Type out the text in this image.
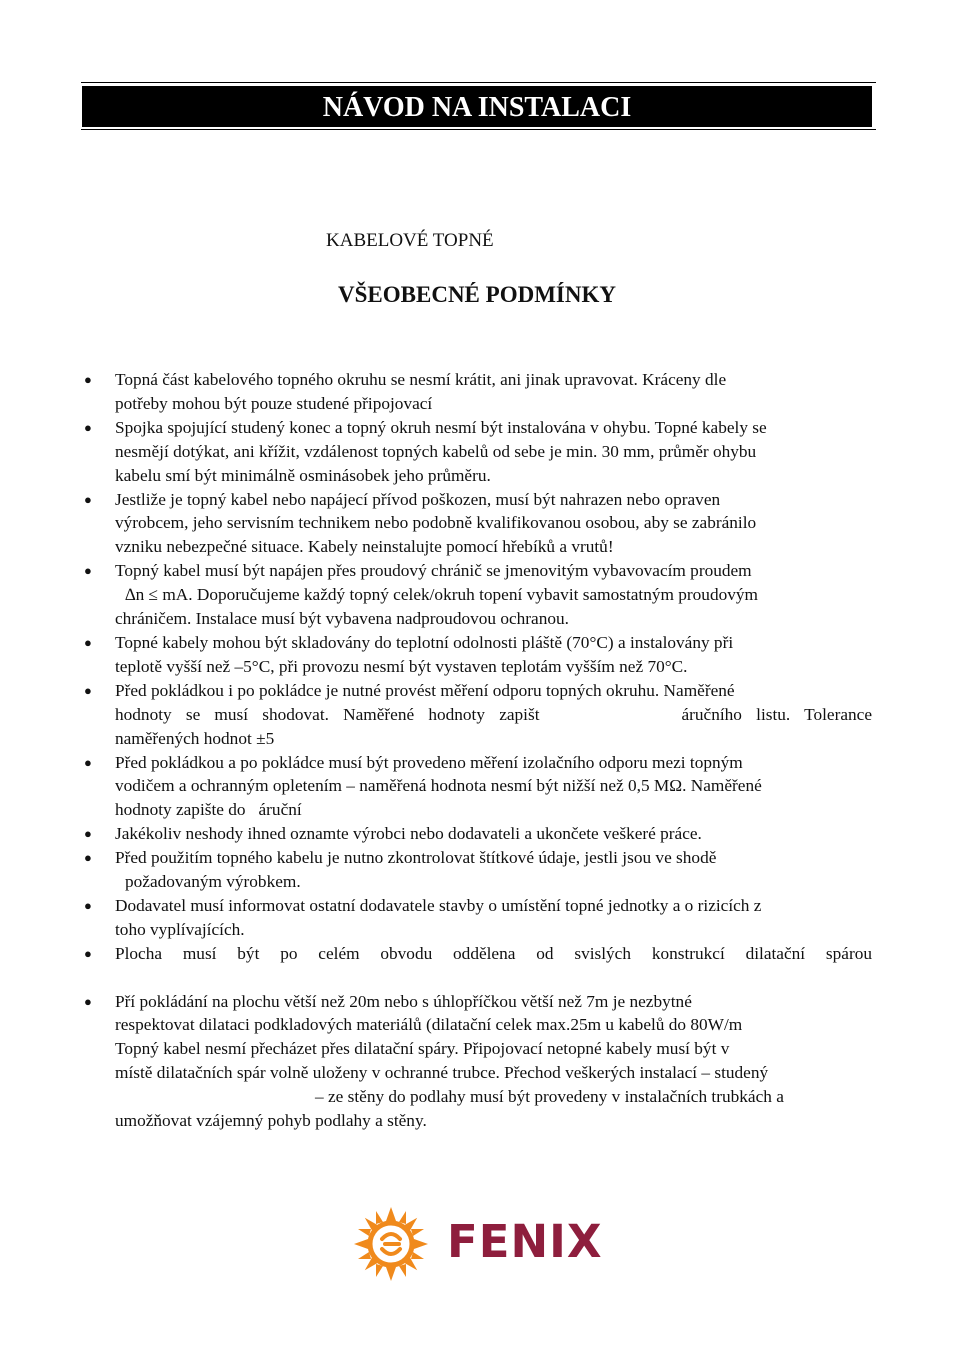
NÁVOD NA INSTALACI
KABELOVÉ TOPNÉ
VŠEOBECNÉ PODMÍNKY
● Topná část kabelového topného okruhu se nesmí krátit, ani jinak upravovat. Kráceny dle
potřeby mohou být pouze studené připojovací
● Spojka spojující studený konec a topný okruh nesmí být instalována v ohybu. Topné kabely se
nesmějí dotýkat, ani křížit, vzdálenost topných kabelů od sebe je min. 30 mm, průměr ohybu
kabelu smí být minimálně osminásobek jeho průměru.
● Jestliže je topný kabel nebo napájecí přívod poškozen, musí být nahrazen nebo opraven
výrobcem, jeho servisním technikem nebo podobně kvalifikovanou osobou, aby se zabránilo
vzniku nebezpečné situace. Kabely neinstalujte pomocí hřebíků a vrutů!
● Topný kabel musí být napájen přes proudový chránič se jmenovitým vybavovacím proudem
∆n ≤ mA. Doporučujeme každý topný celek/okruh topení vybavit samostatným proudovým
chráničem. Instalace musí být vybavena nadproudovou ochranou.
● Topné kabely mohou být skladovány do teplotní odolnosti pláště (70°C) a instalovány při
teplotě vyšší než –5°C, při provozu nesmí být vystaven teplotám vyšším než 70°C.
● Před pokládkou i po pokládce je nutné provést měření odporu topných okruhu. Naměřené
hodnoty se musí shodovat. Naměřené hodnoty zapišt          áručního listu. Tolerance
naměřených hodnot ±5
● Před pokládkou a po pokládce musí být provedeno měření izolačního odporu mezi topným
vodičem a ochranným opletením – naměřená hodnota nesmí být nižší než 0,5 MΩ. Naměřené
hodnoty zapište do   áruční
● Jakékoliv neshody ihned oznamte výrobci nebo dodavateli a ukončete veškeré práce.
● Před použitím topného kabelu je nutno zkontrolovat štítkové údaje, jestli jsou ve shodě
požadovaným výrobkem.
● Dodavatel musí informovat ostatní dodavatele stavby o umístění topné jednotky a o rizicích z
toho vyplívajících.
● Plocha musí být po celém obvodu oddělena od svislých konstrukcí dilatační spárou
● Pří pokládání na plochu větší než 20m nebo s úhlopříčkou větší než 7m je nezbytné
respektovat dilataci podkladových materiálů (dilatační celek max.25m u kabelů do 80W/m
Topný kabel nesmí přecházet přes dilatační spáry. Připojovací netopné kabely musí být v
místě dilatačních spár volně uloženy v ochranné trubce. Přechod veškerých instalací – studený
– ze stěny do podlahy musí být provedeny v instalačních trubkách a
umožňovat vzájemný pohyb podlahy a stěny.
FENIX
